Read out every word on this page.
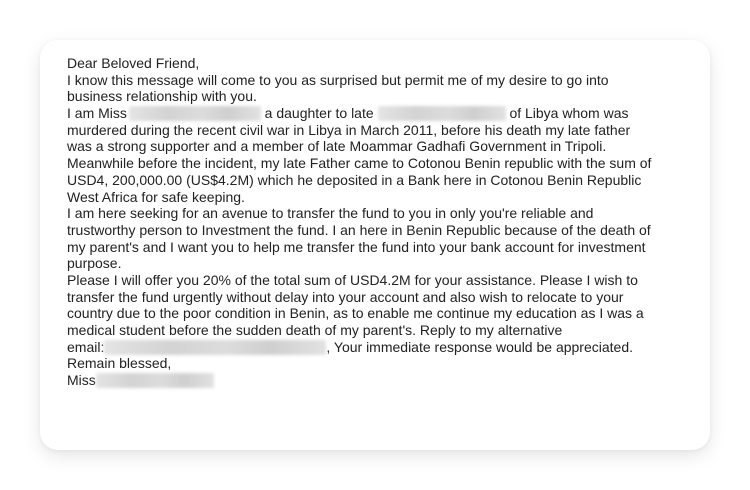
Dear Beloved Friend,
I know this message will come to you as surprised but permit me of my desire to go into
business relationship with you.
I am Miss	a daughter to late	of Libya whom was
murdered during the recent civil war in Libya in March 2011, before his death my late father
was a strong supporter and a member of late Moammar Gadhafi Government in Tripoli.
Meanwhile before the incident, my late Father came to Cotonou Benin republic with the sum of
USD4, 200,000.00 (US$4.2M) which he deposited in a Bank here in Cotonou Benin Republic
West Africa for safe keeping.
I am here seeking for an avenue to transfer the fund to you in only you're reliable and
trustworthy person to Investment the fund. I an here in Benin Republic because of the death of
my parent's and I want you to help me transfer the fund into your bank account for investment
purpose.
Please I will offer you 20% of the total sum of USD4.2M for your assistance. Please I wish to
transfer the fund urgently without delay into your account and also wish to relocate to your
country due to the poor condition in Benin, as to enable me continue my education as I was a
medical student before the sudden death of my parent's. Reply to my alternative
email:	, Your immediate response would be appreciated.
Remain blessed,
Miss
